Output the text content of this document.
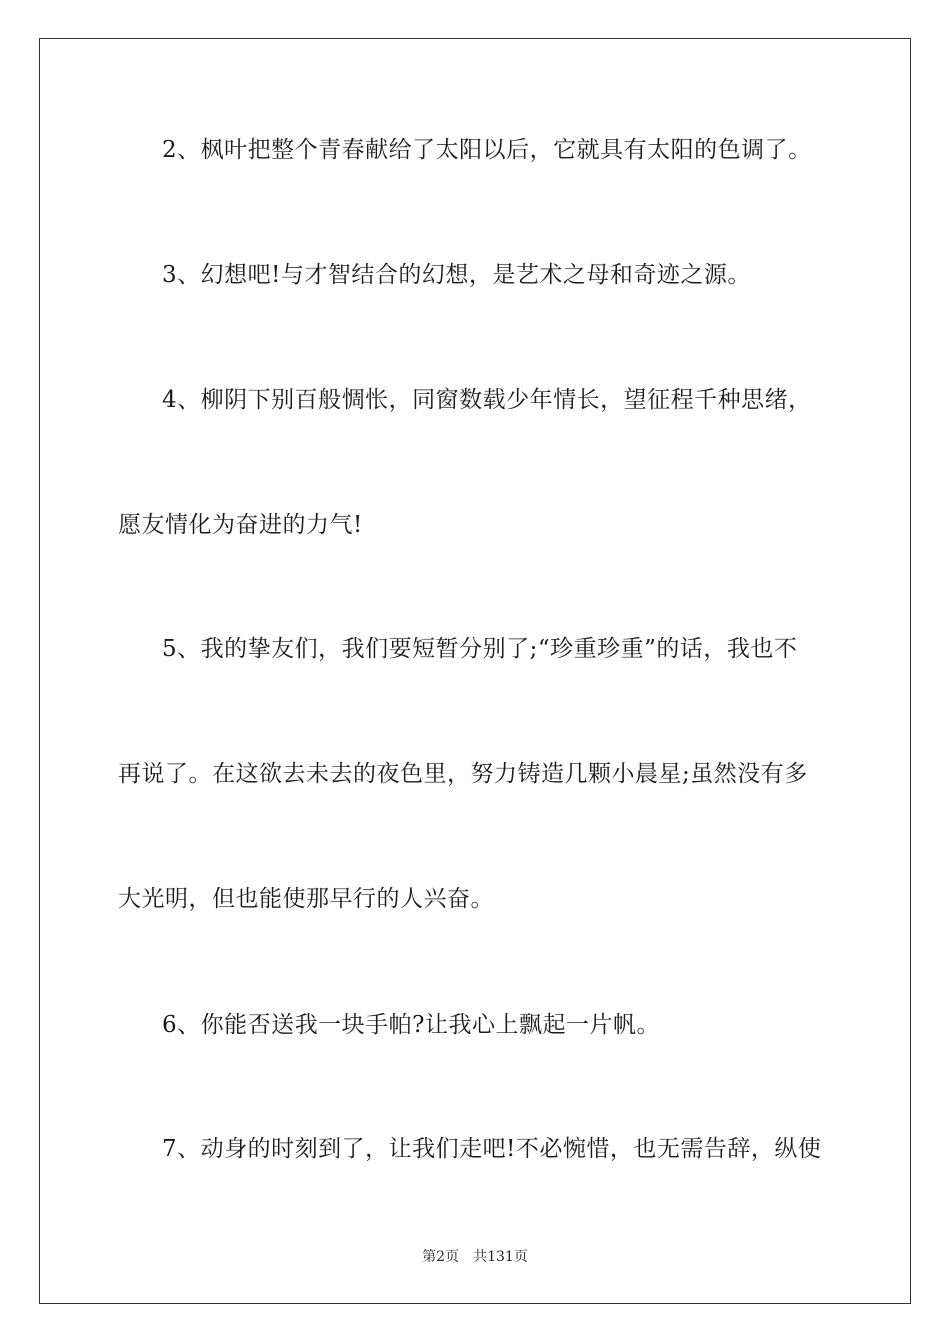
2、枫叶把整个青春献给了太阳以后，它就具有太阳的色调了。
3、幻想吧!与才智结合的幻想，是艺术之母和奇迹之源。
4、柳阴下别百般惆怅，同窗数载少年情长，望征程千种思绪，
愿友情化为奋进的力气!
5、我的挚友们，我们要短暂分别了;“珍重珍重”的话，我也不
再说了。在这欲去未去的夜色里，努力铸造几颗小晨星;虽然没有多
大光明，但也能使那早行的人兴奋。
6、你能否送我一块手帕?让我心上飘起一片帆。
7、动身的时刻到了，让我们走吧!不必惋惜，也无需告辞，纵使
第2页 共131页
